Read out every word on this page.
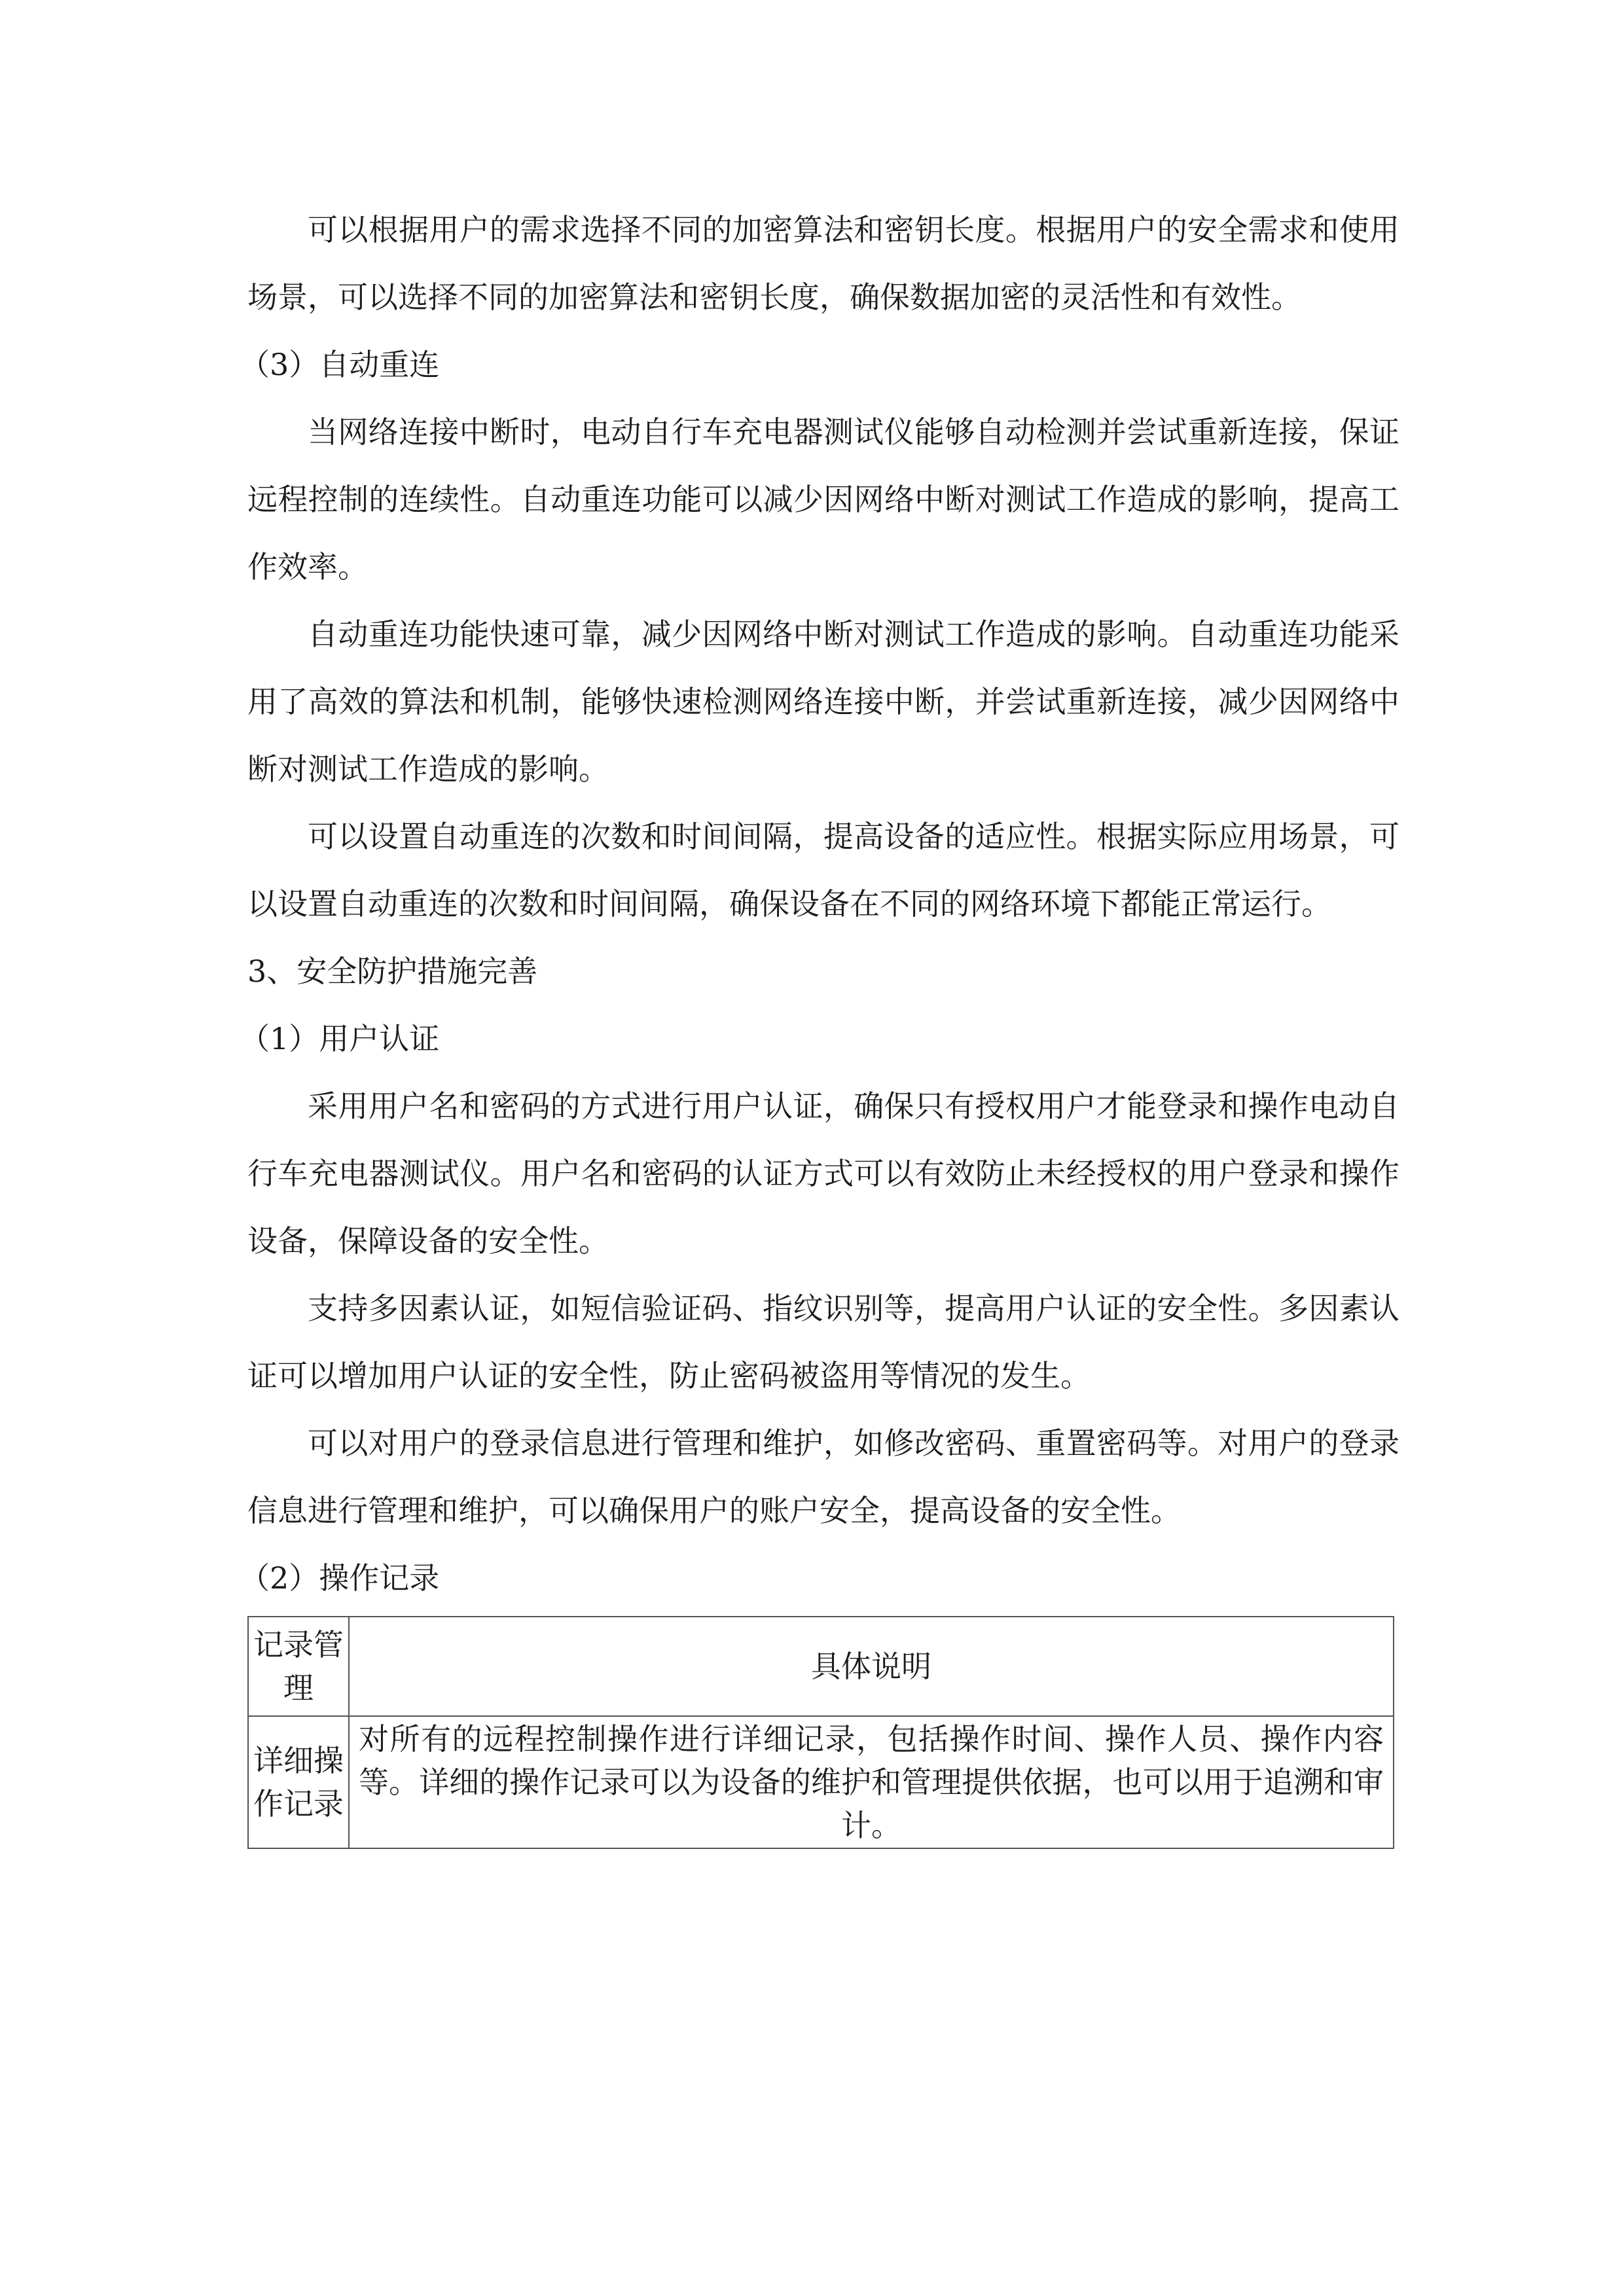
可以根据用户的需求选择不同的加密算法和密钥长度。根据用户的安全需求和使用场景，可以选择不同的加密算法和密钥长度，确保数据加密的灵活性和有效性。

（3）自动重连

当网络连接中断时，电动自行车充电器测试仪能够自动检测并尝试重新连接，保证远程控制的连续性。自动重连功能可以减少因网络中断对测试工作造成的影响，提高工作效率。

自动重连功能快速可靠，减少因网络中断对测试工作造成的影响。自动重连功能采用了高效的算法和机制，能够快速检测网络连接中断，并尝试重新连接，减少因网络中断对测试工作造成的影响。

可以设置自动重连的次数和时间间隔，提高设备的适应性。根据实际应用场景，可以设置自动重连的次数和时间间隔，确保设备在不同的网络环境下都能正常运行。

3、安全防护措施完善

（1）用户认证

采用用户名和密码的方式进行用户认证，确保只有授权用户才能登录和操作电动自行车充电器测试仪。用户名和密码的认证方式可以有效防止未经授权的用户登录和操作设备，保障设备的安全性。

支持多因素认证，如短信验证码、指纹识别等，提高用户认证的安全性。多因素认证可以增加用户认证的安全性，防止密码被盗用等情况的发生。

可以对用户的登录信息进行管理和维护，如修改密码、重置密码等。对用户的登录信息进行管理和维护，可以确保用户的账户安全，提高设备的安全性。

（2）操作记录

记录管理	具体说明
详细操作记录	对所有的远程控制操作进行详细记录，包括操作时间、操作人员、操作内容等。详细的操作记录可以为设备的维护和管理提供依据，也可以用于追溯和审计。
